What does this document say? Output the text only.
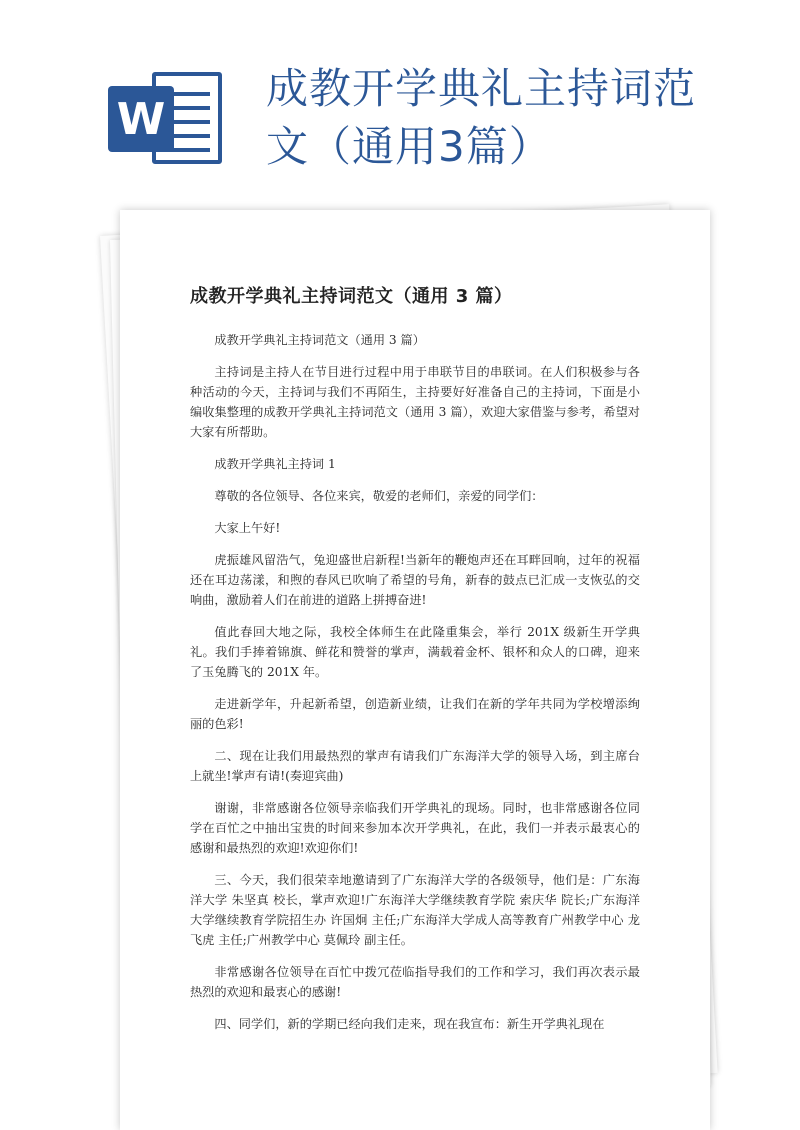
W
成教开学典礼主持词范
文（通用3篇）
成教开学典礼主持词范文（通用 3 篇）

成教开学典礼主持词范文（通用 3 篇）

主持词是主持人在节目进行过程中用于串联节目的串联词。在人们积极参与各种活动的今天，主持词与我们不再陌生，主持要好好准备自己的主持词，下面是小编收集整理的成教开学典礼主持词范文（通用 3 篇），欢迎大家借鉴与参考，希望对大家有所帮助。

成教开学典礼主持词 1

尊敬的各位领导、各位来宾，敬爱的老师们，亲爱的同学们：

大家上午好!

虎振雄风留浩气，兔迎盛世启新程!当新年的鞭炮声还在耳畔回响，过年的祝福还在耳边荡漾，和煦的春风已吹响了希望的号角，新春的鼓点已汇成一支恢弘的交响曲，激励着人们在前进的道路上拼搏奋进!

值此春回大地之际，我校全体师生在此隆重集会，举行 201X 级新生开学典礼。我们手捧着锦旗、鲜花和赞誉的掌声，满载着金杯、银杯和众人的口碑，迎来了玉兔腾飞的 201X 年。

走进新学年，升起新希望，创造新业绩，让我们在新的学年共同为学校增添绚丽的色彩!

二、现在让我们用最热烈的掌声有请我们广东海洋大学的领导入场，到主席台上就坐!掌声有请!(奏迎宾曲)

谢谢，非常感谢各位领导亲临我们开学典礼的现场。同时，也非常感谢各位同学在百忙之中抽出宝贵的时间来参加本次开学典礼，在此，我们一并表示最衷心的感谢和最热烈的欢迎!欢迎你们!

三、今天，我们很荣幸地邀请到了广东海洋大学的各级领导，他们是：广东海洋大学 朱坚真 校长，掌声欢迎!广东海洋大学继续教育学院 索庆华 院长;广东海洋大学继续教育学院招生办 许国炯 主任;广东海洋大学成人高等教育广州教学中心 龙飞虎 主任;广州教学中心 莫佩玲 副主任。

非常感谢各位领导在百忙中拨冗莅临指导我们的工作和学习，我们再次表示最热烈的欢迎和最衷心的感谢!

四、同学们，新的学期已经向我们走来，现在我宣布：新生开学典礼现在
